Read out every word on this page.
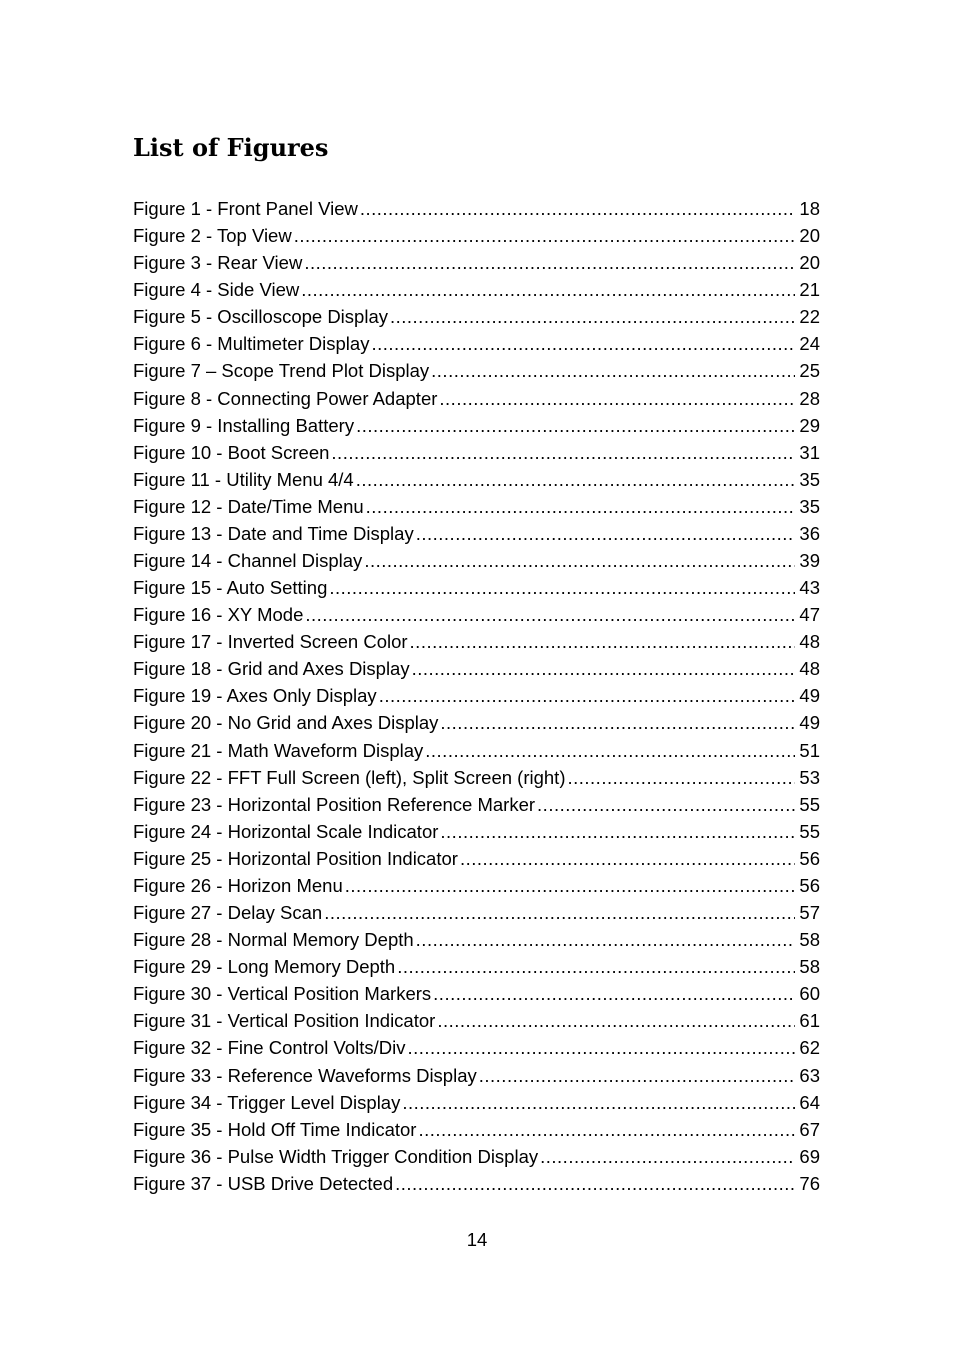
List of Figures
Figure 1 - Front Panel View .....	18
Figure 2 - Top View .....	20
Figure 3 - Rear View .....	20
Figure 4 - Side View .....	21
Figure 5 - Oscilloscope Display .....	22
Figure 6 - Multimeter Display .....	24
Figure 7 – Scope Trend Plot Display .....	25
Figure 8 - Connecting Power Adapter .....	28
Figure 9 - Installing Battery .....	29
Figure 10 - Boot Screen .....	31
Figure 11 - Utility Menu 4/4 .....	35
Figure 12 - Date/Time Menu .....	35
Figure 13 - Date and Time Display .....	36
Figure 14 - Channel Display .....	39
Figure 15 - Auto Setting .....	43
Figure 16 - XY Mode .....	47
Figure 17 - Inverted Screen Color .....	48
Figure 18 - Grid and Axes Display .....	48
Figure 19 - Axes Only Display .....	49
Figure 20 - No Grid and Axes Display .....	49
Figure 21 - Math Waveform Display .....	51
Figure 22 - FFT Full Screen (left), Split Screen (right) .....	53
Figure 23 - Horizontal Position Reference Marker .....	55
Figure 24 - Horizontal Scale Indicator .....	55
Figure 25 - Horizontal Position Indicator .....	56
Figure 26 - Horizon Menu .....	56
Figure 27 - Delay Scan .....	57
Figure 28 - Normal Memory Depth .....	58
Figure 29 - Long Memory Depth .....	58
Figure 30 - Vertical Position Markers .....	60
Figure 31 - Vertical Position Indicator .....	61
Figure 32 - Fine Control Volts/Div .....	62
Figure 33 - Reference Waveforms Display .....	63
Figure 34 - Trigger Level Display .....	64
Figure 35 - Hold Off Time Indicator .....	67
Figure 36 - Pulse Width Trigger Condition Display .....	69
Figure 37 - USB Drive Detected .....	76
14
